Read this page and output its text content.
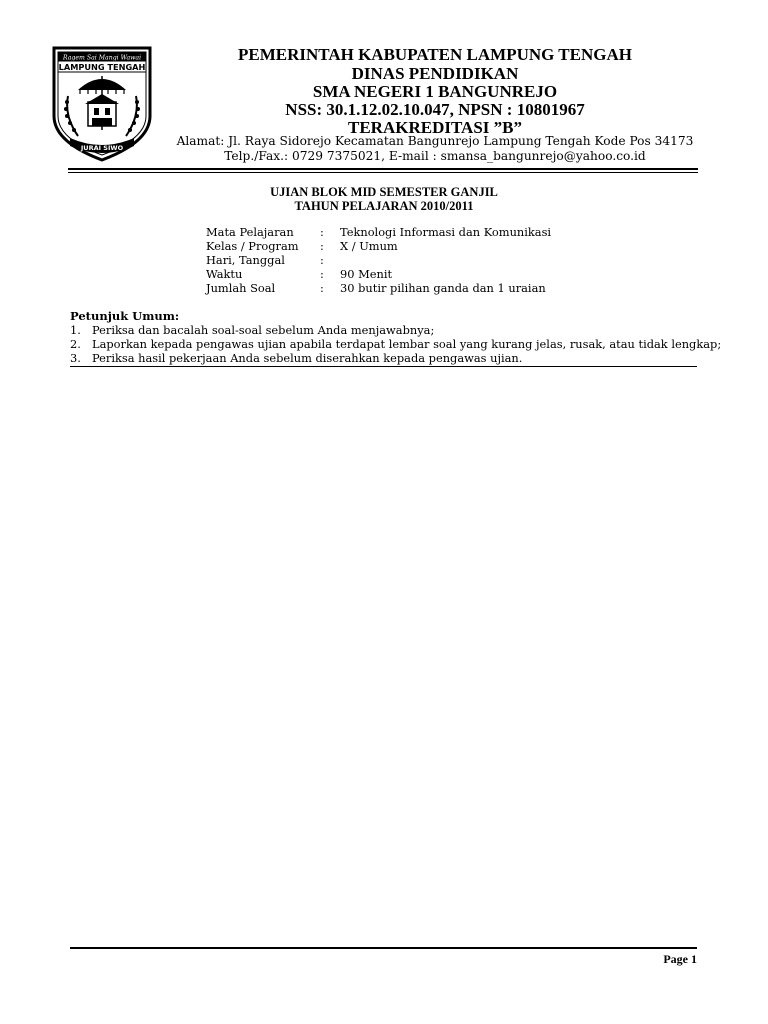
Ragem Sai Mangi Wawai
LAMPUNG TENGAH
JURAI SIWO
PEMERINTAH KABUPATEN LAMPUNG TENGAH
DINAS PENDIDIKAN
SMA NEGERI 1 BANGUNREJO
NSS: 30.1.12.02.10.047, NPSN : 10801967
TERAKREDITASI ”B”
Alamat: Jl. Raya Sidorejo Kecamatan Bangunrejo Lampung Tengah Kode Pos 34173
Telp./Fax.: 0729 7375021, E-mail : smansa_bangunrejo@yahoo.co.id
UJIAN BLOK MID SEMESTER GANJIL
TAHUN PELAJARAN 2010/2011
Mata Pelajaran : Teknologi Informasi dan Komunikasi
Kelas / Program : X / Umum
Hari, Tanggal	:
Waktu	: 90 Menit
Jumlah Soal	: 30 butir pilihan ganda dan 1 uraian
Petunjuk Umum:
1. Periksa dan bacalah soal-soal sebelum Anda menjawabnya;
2. Laporkan kepada pengawas ujian apabila terdapat lembar soal yang kurang jelas, rusak, atau tidak lengkap;
3. Periksa hasil pekerjaan Anda sebelum diserahkan kepada pengawas ujian.
Page 1
